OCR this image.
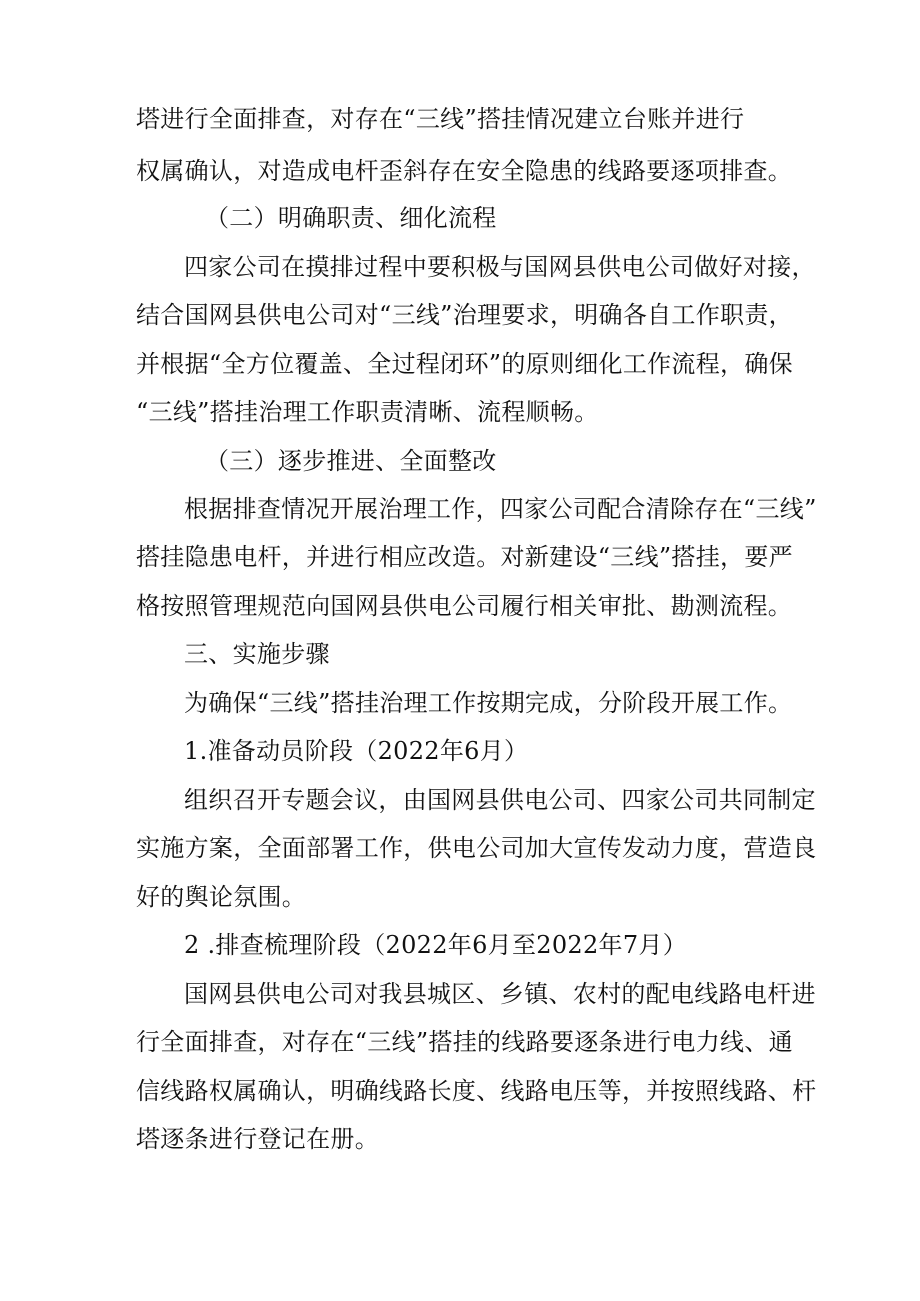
塔进行全面排查，对存在“三线”搭挂情况建立台账并进行
权属确认，对造成电杆歪斜存在安全隐患的线路要逐项排查。
（二）明确职责、细化流程
四家公司在摸排过程中要积极与国网县供电公司做好对接，
结合国网县供电公司对“三线”治理要求，明确各自工作职责，
并根据“全方位覆盖、全过程闭环”的原则细化工作流程，确保
“三线”搭挂治理工作职责清晰、流程顺畅。
（三）逐步推进、全面整改
根据排查情况开展治理工作，四家公司配合清除存在“三线”
搭挂隐患电杆，并进行相应改造。对新建设“三线”搭挂，要严
格按照管理规范向国网县供电公司履行相关审批、勘测流程。
三、实施步骤
为确保“三线”搭挂治理工作按期完成，分阶段开展工作。
1.准备动员阶段（2022年6月）
组织召开专题会议，由国网县供电公司、四家公司共同制定
实施方案，全面部署工作，供电公司加大宣传发动力度，营造良
好的舆论氛围。
2 .排查梳理阶段（2022年6月至2022年7月）
国网县供电公司对我县城区、乡镇、农村的配电线路电杆进
行全面排查，对存在“三线”搭挂的线路要逐条进行电力线、通
信线路权属确认，明确线路长度、线路电压等，并按照线路、杆
塔逐条进行登记在册。
